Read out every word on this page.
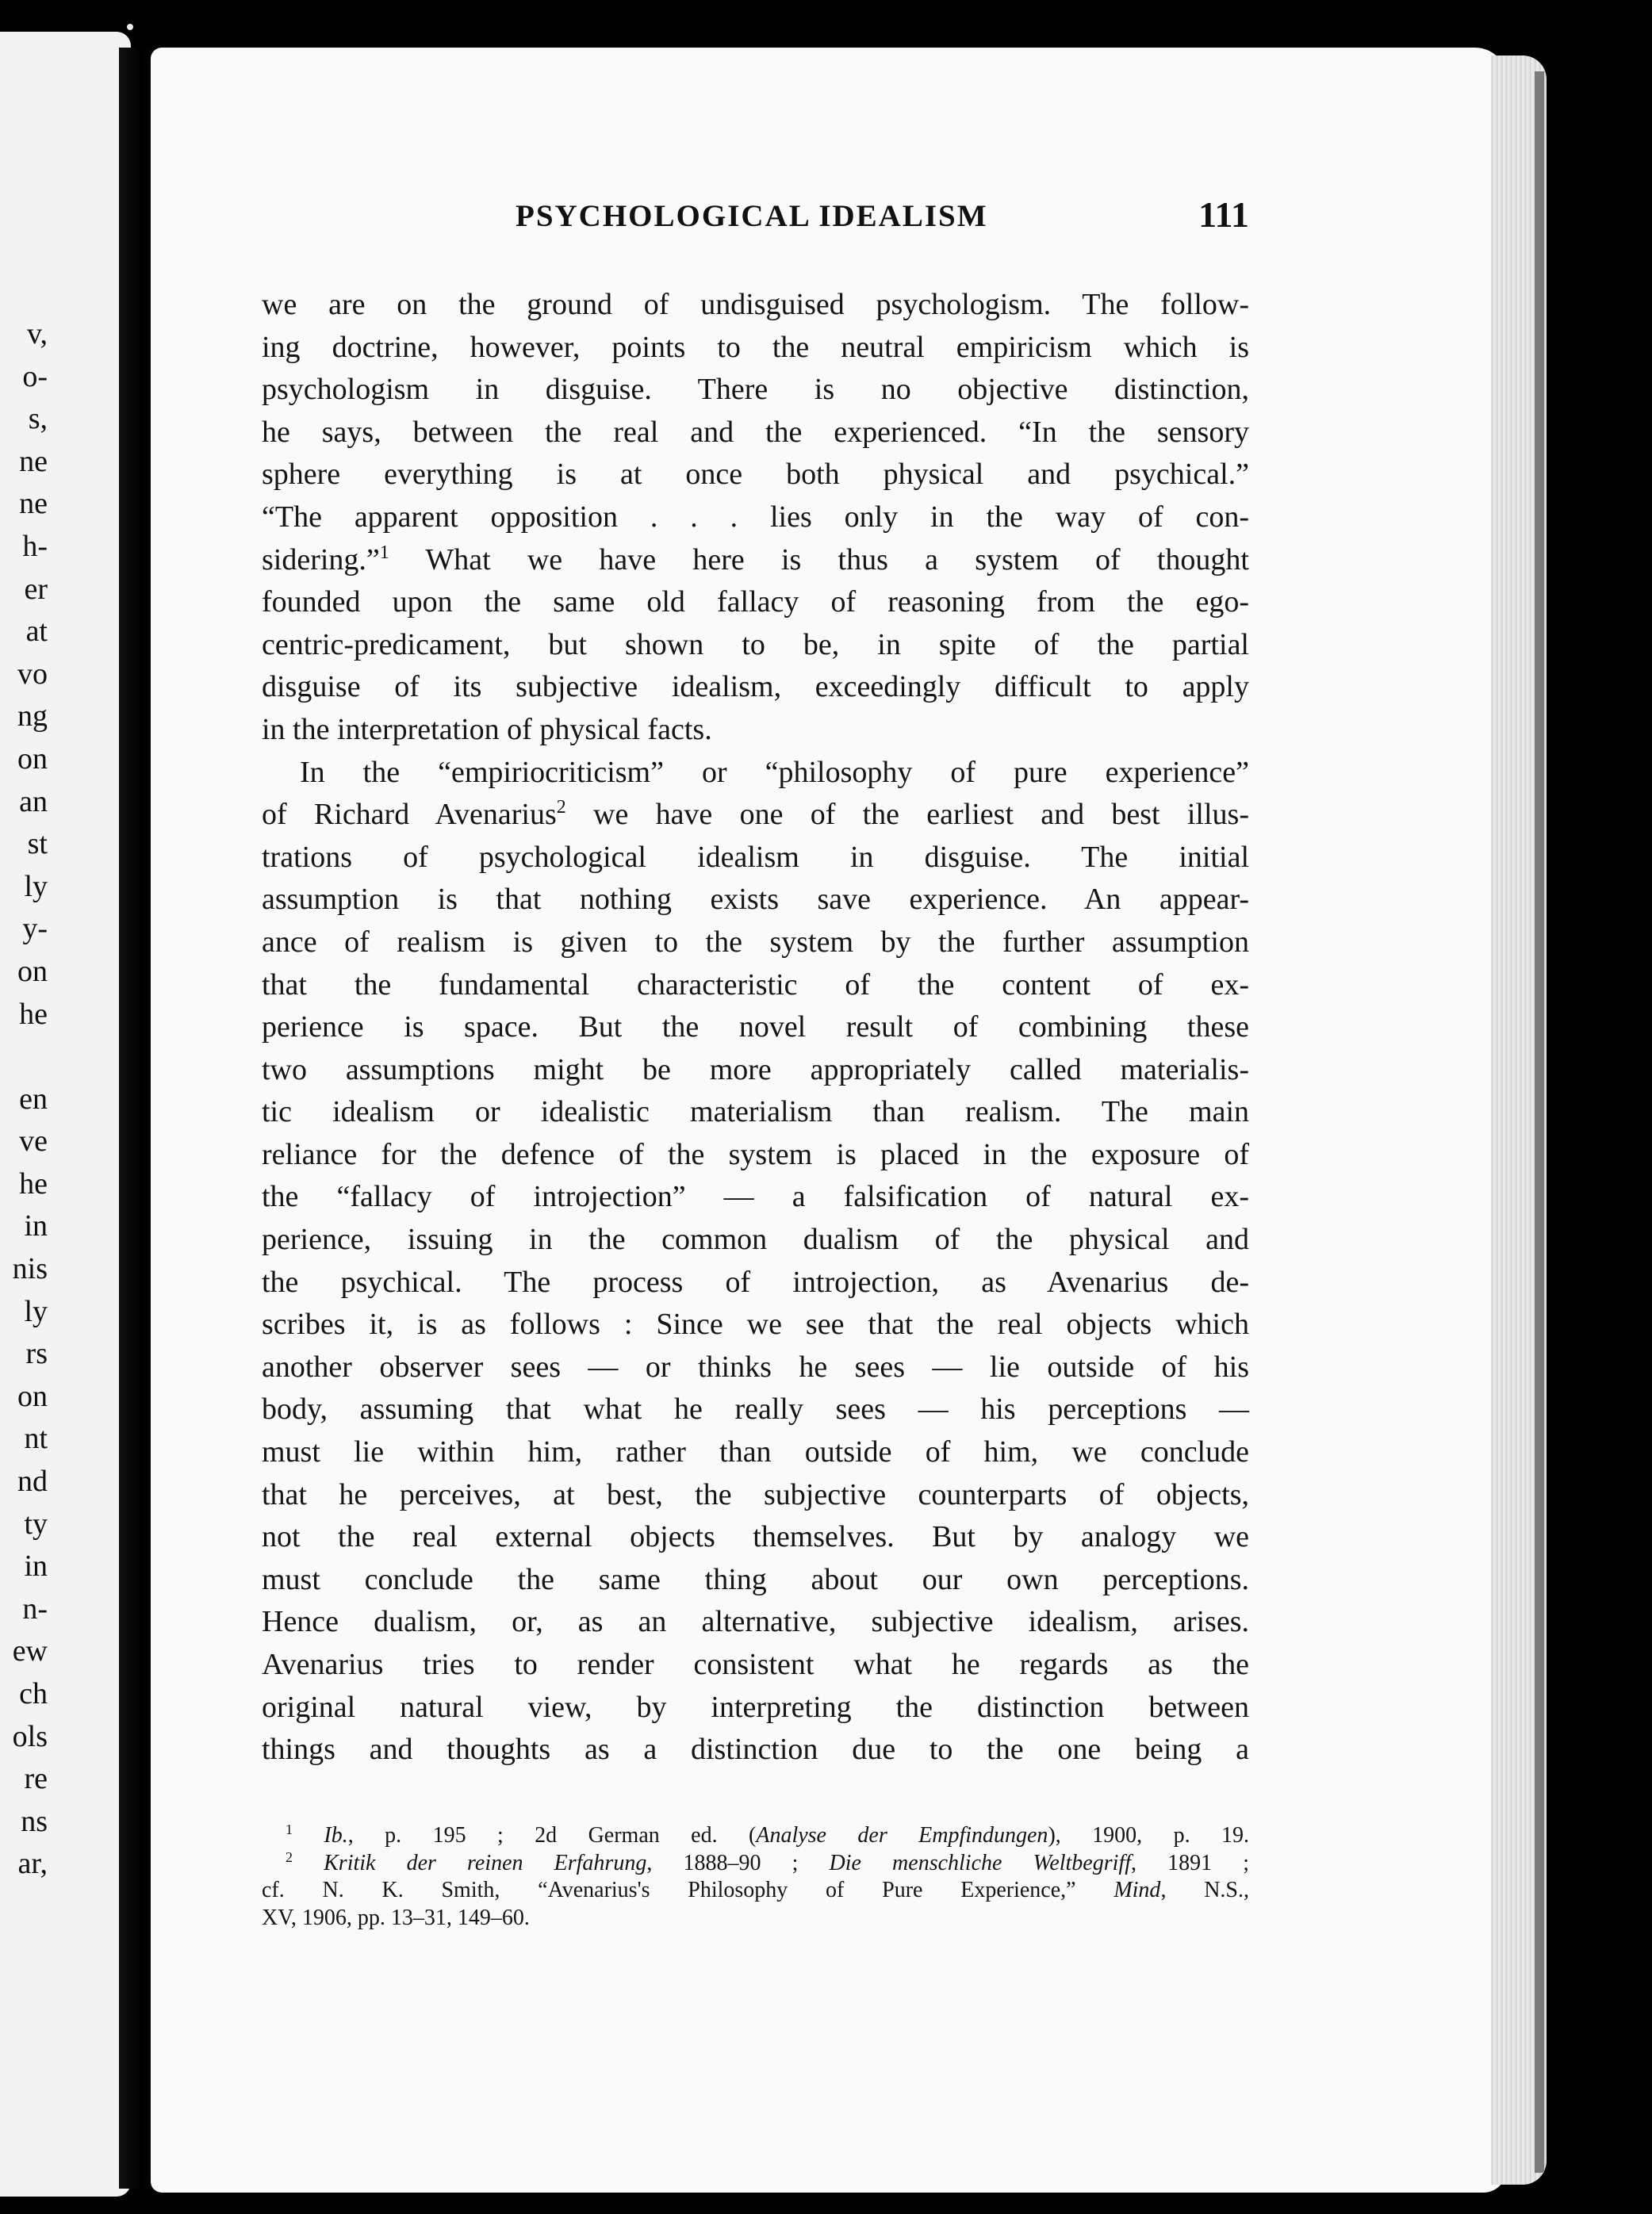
v,
o-
s,
ne
ne
h-
er
at
vo
ng
on
an
st
ly
y-
on
he
en
ve
he
in
nis
ly
rs
on
nt
nd
ty
in
n-
ew
ch
ols
re
ns
ar,
PSYCHOLOGICAL IDEALISM	111
we are on the ground of undisguised psychologism. The follow-
ing doctrine, however, points to the neutral empiricism which is
psychologism in disguise. There is no objective distinction,
he says, between the real and the experienced. “In the sensory
sphere everything is at once both physical and psychical.”
“The apparent opposition . . . lies only in the way of con-
sidering.”$^1$ What we have here is thus a system of thought
founded upon the same old fallacy of reasoning from the ego-
centric-predicament, but shown to be, in spite of the partial
disguise of its subjective idealism, exceedingly difficult to apply
in the interpretation of physical facts.
In the “empiriocriticism” or “philosophy of pure experience”
of Richard Avenarius$^2$ we have one of the earliest and best illus-
trations of psychological idealism in disguise. The initial
assumption is that nothing exists save experience. An appear-
ance of realism is given to the system by the further assumption
that the fundamental characteristic of the content of ex-
perience is space. But the novel result of combining these
two assumptions might be more appropriately called materialis-
tic idealism or idealistic materialism than realism. The main
reliance for the defence of the system is placed in the exposure of
the “fallacy of introjection” — a falsification of natural ex-
perience, issuing in the common dualism of the physical and
the psychical. The process of introjection, as Avenarius de-
scribes it, is as follows : Since we see that the real objects which
another observer sees — or thinks he sees — lie outside of his
body, assuming that what he really sees — his perceptions —
must lie within him, rather than outside of him, we conclude
that he perceives, at best, the subjective counterparts of objects,
not the real external objects themselves. But by analogy we
must conclude the same thing about our own perceptions.
Hence dualism, or, as an alternative, subjective idealism, arises.
Avenarius tries to render consistent what he regards as the
original natural view, by interpreting the distinction between
things and thoughts as a distinction due to the one being a
$^1$ Ib., p. 195 ; 2d German ed. (Analyse der Empfindungen), 1900, p. 19.
$^2$ Kritik der reinen Erfahrung, 1888–90 ; Die menschliche Weltbegriff, 1891 ;
cf. N. K. Smith, “Avenarius's Philosophy of Pure Experience,” Mind, N.S.,
XV, 1906, pp. 13–31, 149–60.
